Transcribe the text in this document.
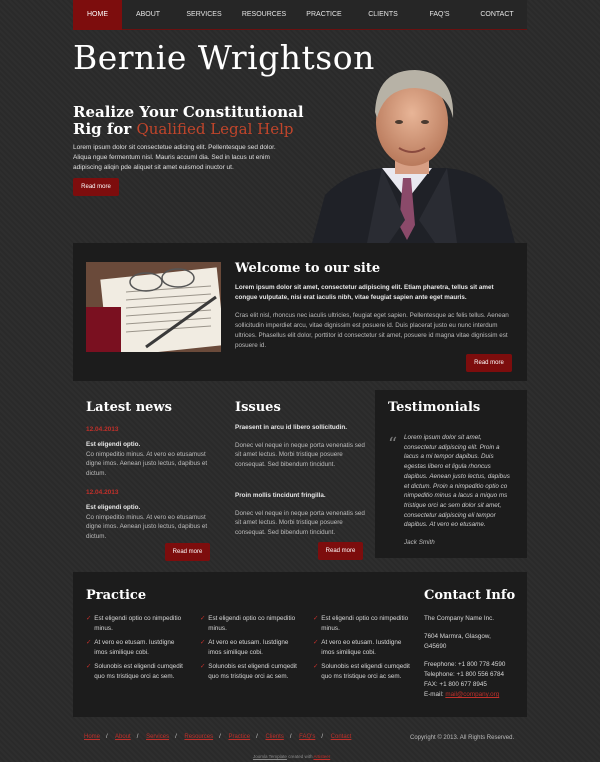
HOME	ABOUT	SERVICES	RESOURCES	PRACTICE	CLIENTS	FAQ'S	CONTACT
Bernie Wrightson
Realize Your Constitutional
Rig for Qualified Legal Help
Lorem ipsum dolor sit consectetue adicing elit. Pellentesque sed dolor. Aliqua ngue fermentum nisl. Mauris accuml dia. Sed in lacus ut enim adipiscing aliqin pde aliquet sit amet euismod inuctor ut.
Read more
Welcome to our site
Lorem ipsum dolor sit amet, consectetur adipiscing elit. Etiam pharetra, tellus sit amet congue vulputate, nisi erat iaculis nibh, vitae feugiat sapien ante eget mauris.
Cras elit nisl, rhoncus nec iaculis ultricies, feugiat eget sapien. Pellentesque ac felis tellus. Aenean sollicitudin imperdiet arcu, vitae dignissim est posuere id. Duis placerat justo eu nunc interdum ultrices. Phasellus elit dolor, porttitor id consectetur sit amet, posuere id magna vitae dignissim est posuere id.
Read more
Latest news
12.04.2013
Est eligendi optio.
Co nimpeditio minus. At vero eo etusamust digne imos. Aenean justo lectus, dapibus et dictum.
12.04.2013
Est eligendi optio.
Co nimpeditio minus. At vero eo etusamust digne imos. Aenean justo lectus, dapibus et dictum.
Read more
Issues
Praesent in arcu id libero sollicitudin.
Donec vel neque in neque porta venenatis sed sit amet lectus. Morbi tristique posuere consequat. Sed bibendum tincidunt.
Proin mollis tincidunt fringilla.
Donec vel neque in neque porta venenatis sed sit amet lectus. Morbi tristique posuere consequat. Sed bibendum tincidunt.
Read more
Testimonials
“ Lorem ipsum dolor sit amet, consectetur adipiscing elit. Proin a lacus a mi tempor dapibus. Duis egestas libero et ligula rhoncus dapibus. Aenean justo lectus, dapibus et dictum. Proin a nimpeditio optio co nimpeditio minus a lacus a miquo ms tristique orci ac sem dolor sit amet, consectetur adipiscing eli tempor dapibus. At vero eo etusame.
Jack Smith
Practice
✓ Est eligendi optio co nimpeditio minus.
✓ At vero eo etusam. Iustdigne imos similique cobi.
✓ Solunobis est eligendi cumqedit quo ms tristique orci ac sem.
✓ Est eligendi optio co nimpeditio minus.
✓ At vero eo etusam. Iustdigne imos similique cobi.
✓ Solunobis est eligendi cumqedit quo ms tristique orci ac sem.
✓ Est eligendi optio co nimpeditio minus.
✓ At vero eo etusam. Iustdigne imos similique cobi.
✓ Solunobis est eligendi cumqedit quo ms tristique orci ac sem.
Contact Info
The Company Name Inc.
7604 Marmra, Glasgow,
G45690
Freephone: +1 800 778 4590
Telephone: +1 800 556 6784
FAX: +1 800 677 8945
E-mail: mail@company.org
Home / About / Services / Resources / Practice / Clients / FAQ's / Contact	Copyright © 2013. All Rights Reserved.
Joomla Template created with Artisteer
